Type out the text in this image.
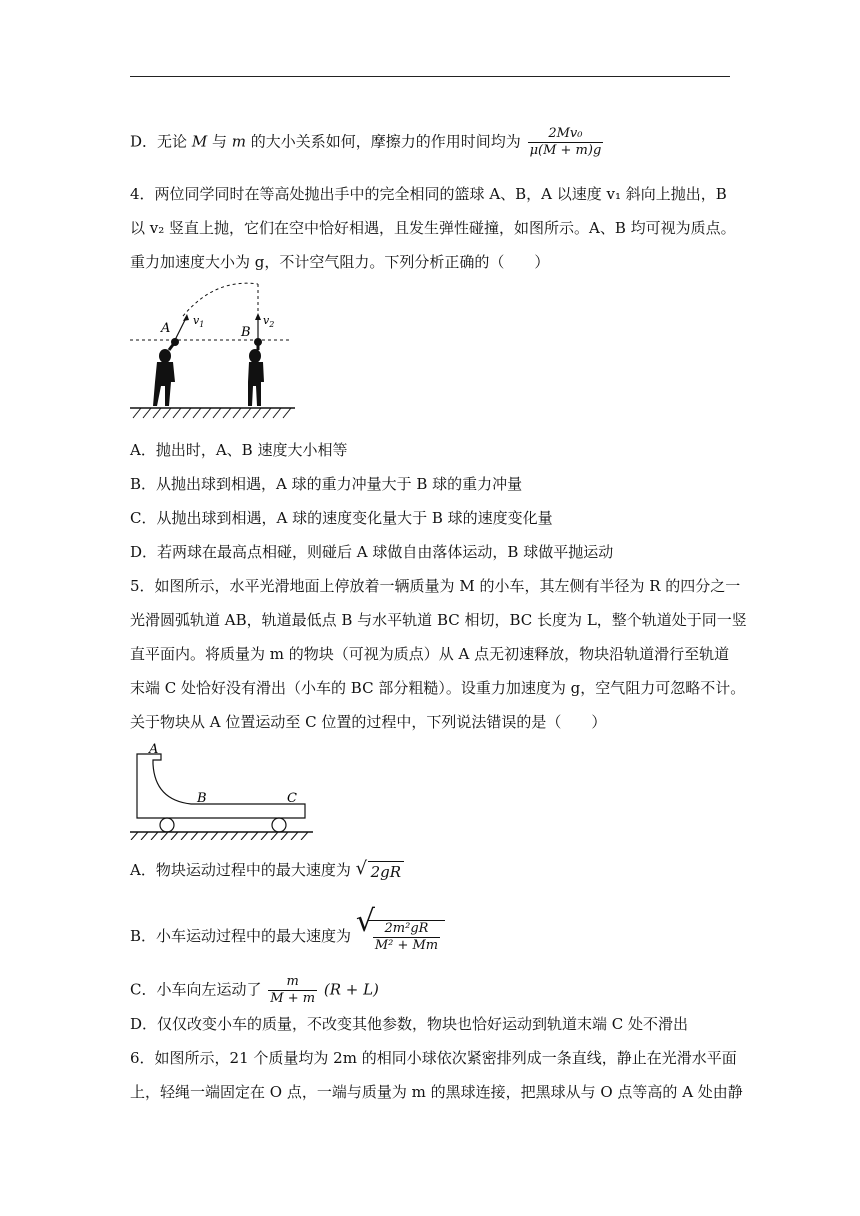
D．无论 M 与 m 的大小关系如何，摩擦力的作用时间均为 $\frac{\text{2Mv₀}}{\mu(M + m)g}$
4．两位同学同时在等高处抛出手中的完全相同的篮球 A、B，A 以速度 v₁ 斜向上抛出，B
以 v₂ 竖直上抛，它们在空中恰好相遇，且发生弹性碰撞，如图所示。A、B 均可视为质点。
重力加速度大小为 g，不计空气阻力。下列分析正确的（　　）
A
$v_1$
B
$v_2$
A．抛出时，A、B 速度大小相等
B．从抛出球到相遇，A 球的重力冲量大于 B 球的重力冲量
C．从抛出球到相遇，A 球的速度变化量大于 B 球的速度变化量
D．若两球在最高点相碰，则碰后 A 球做自由落体运动，B 球做平抛运动
5．如图所示，水平光滑地面上停放着一辆质量为 M 的小车，其左侧有半径为 R 的四分之一
光滑圆弧轨道 AB，轨道最低点 B 与水平轨道 BC 相切，BC 长度为 L，整个轨道处于同一竖
直平面内。将质量为 m 的物块（可视为质点）从 A 点无初速释放，物块沿轨道滑行至轨道
末端 C 处恰好没有滑出（小车的 BC 部分粗糙）。设重力加速度为 g，空气阻力可忽略不计。
关于物块从 A 位置运动至 C 位置的过程中，下列说法错误的是（　　）
A
B	C
A．物块运动过程中的最大速度为 √ 2gR
B．小车运动过程中的最大速度为 √
$\frac{\text{2m²gR}}{\text{M² + Mm}}$
C．小车向左运动了 $\frac{m}{M + m} (R + L)$
D．仅仅改变小车的质量，不改变其他参数，物块也恰好运动到轨道末端 C 处不滑出
6．如图所示，21 个质量均为 2m 的相同小球依次紧密排列成一条直线，静止在光滑水平面
上，轻绳一端固定在 O 点，一端与质量为 m 的黑球连接，把黑球从与 O 点等高的 A 处由静
